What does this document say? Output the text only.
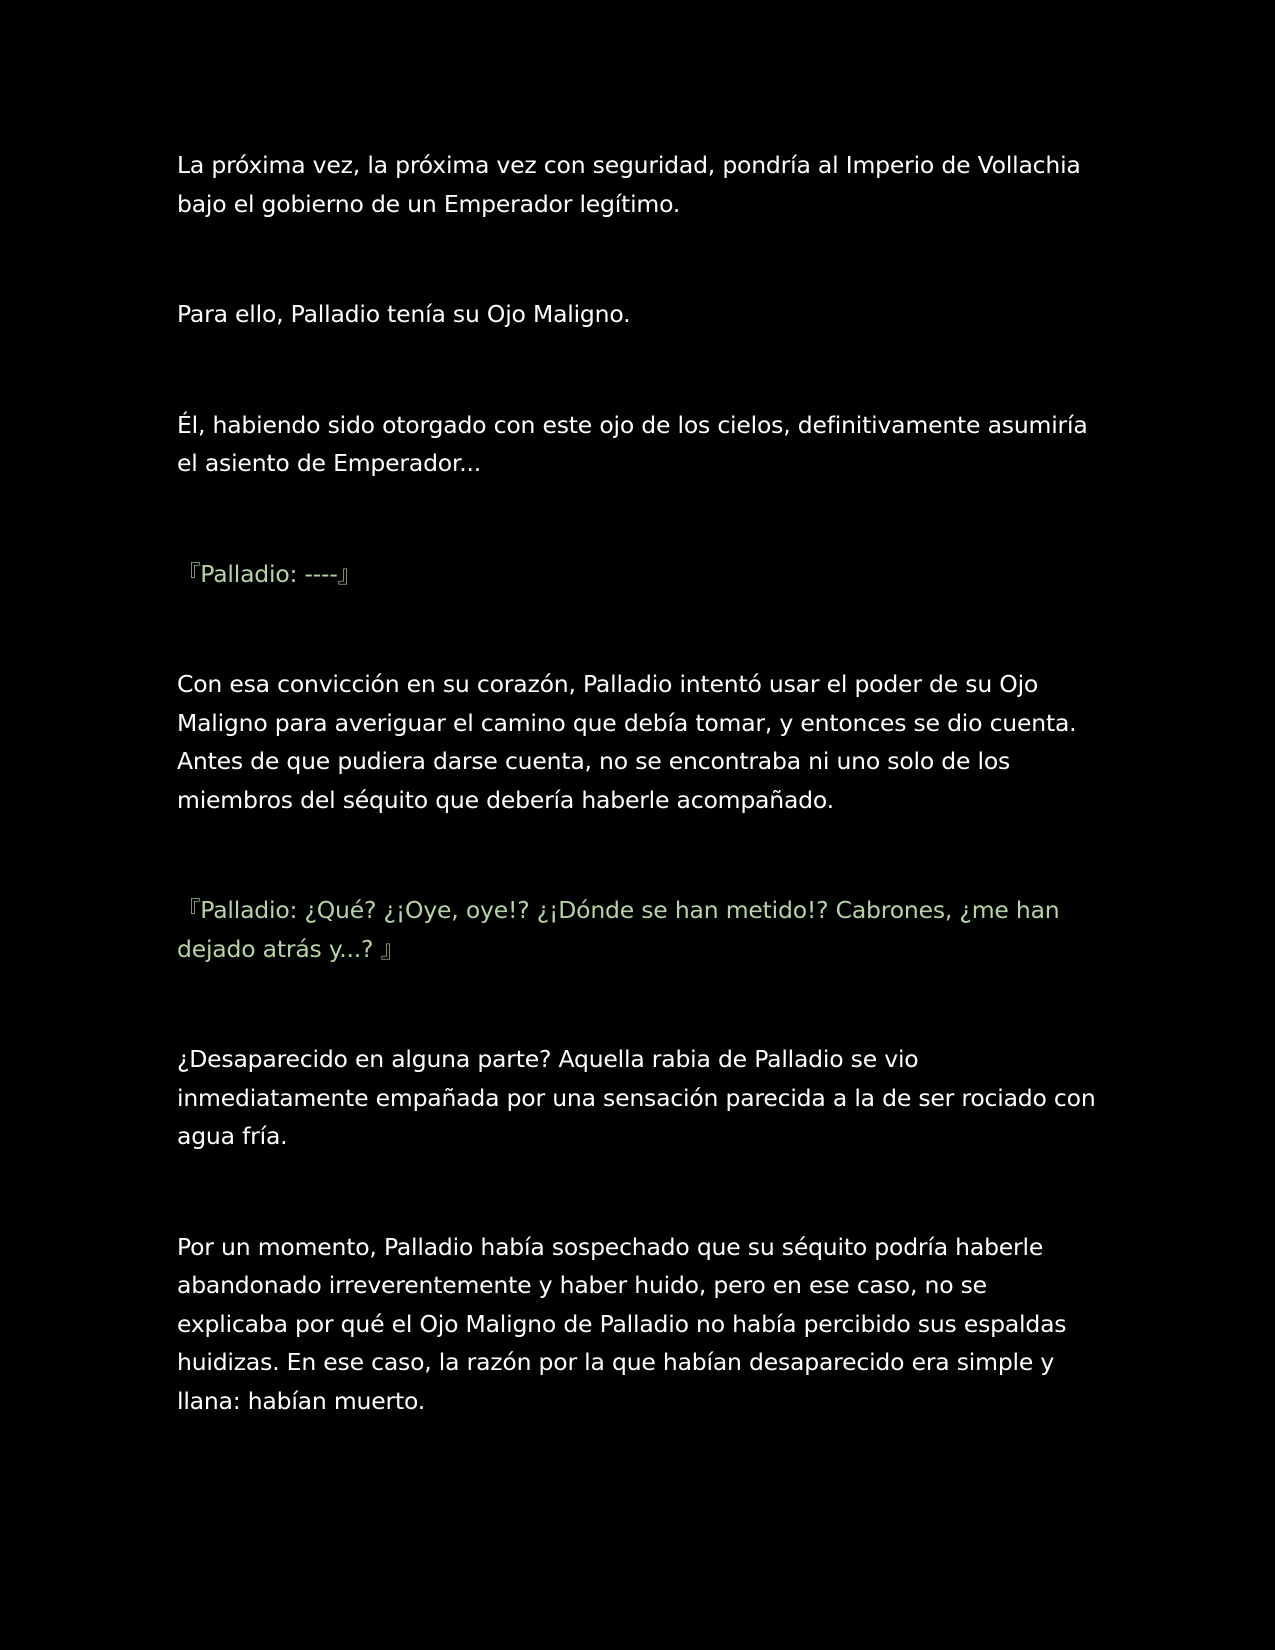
La próxima vez, la próxima vez con seguridad, pondría al Imperio de Vollachia bajo el gobierno de un Emperador legítimo.

Para ello, Palladio tenía su Ojo Maligno.

Él, habiendo sido otorgado con este ojo de los cielos, definitivamente asumiría el asiento de Emperador...

『Palladio: ----』

Con esa convicción en su corazón, Palladio intentó usar el poder de su Ojo Maligno para averiguar el camino que debía tomar, y entonces se dio cuenta. Antes de que pudiera darse cuenta, no se encontraba ni uno solo de los miembros del séquito que debería haberle acompañado.

『Palladio: ¿Qué? ¿¡Oye, oye!? ¿¡Dónde se han metido!? Cabrones, ¿me han dejado atrás y...? 』

¿Desaparecido en alguna parte? Aquella rabia de Palladio se vio inmediatamente empañada por una sensación parecida a la de ser rociado con agua fría.

Por un momento, Palladio había sospechado que su séquito podría haberle abandonado irreverentemente y haber huido, pero en ese caso, no se explicaba por qué el Ojo Maligno de Palladio no había percibido sus espaldas huidizas. En ese caso, la razón por la que habían desaparecido era simple y llana: habían muerto.
